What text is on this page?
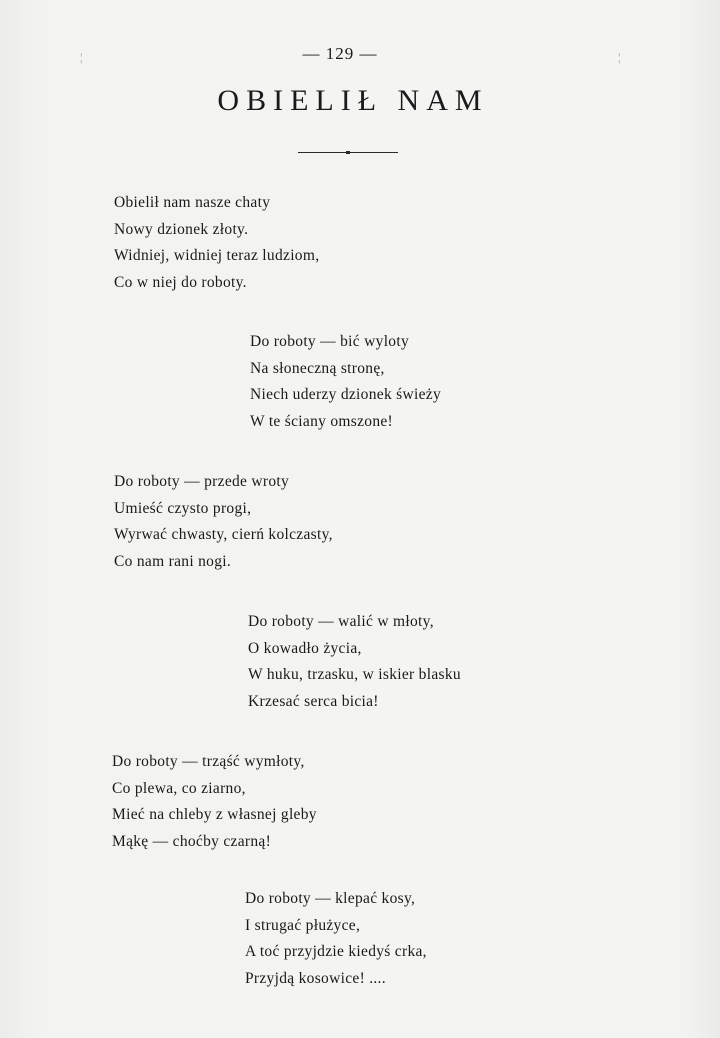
¦	¦
— 129 —
OBIELIŁ NAM
Obielił nam nasze chaty
Nowy dzionek złoty.
Widniej, widniej teraz ludziom,
Co w niej do roboty.
Do roboty — bić wyloty
Na słoneczną stronę,
Niech uderzy dzionek świeży
W te ściany omszone!
Do roboty — przede wroty
Umieść czysto progi,
Wyrwać chwasty, cierń kolczasty,
Co nam rani nogi.
Do roboty — walić w młoty,
O kowadło życia,
W huku, trzasku, w iskier blasku
Krzesać serca bicia!
Do roboty — trząść wymłoty,
Co plewa, co ziarno,
Mieć na chleby z własnej gleby
Mąkę — choćby czarną!
Do roboty — klepać kosy,
I strugać płużyce,
A toć przyjdzie kiedyś crka,
Przyjdą kosowice! ....
